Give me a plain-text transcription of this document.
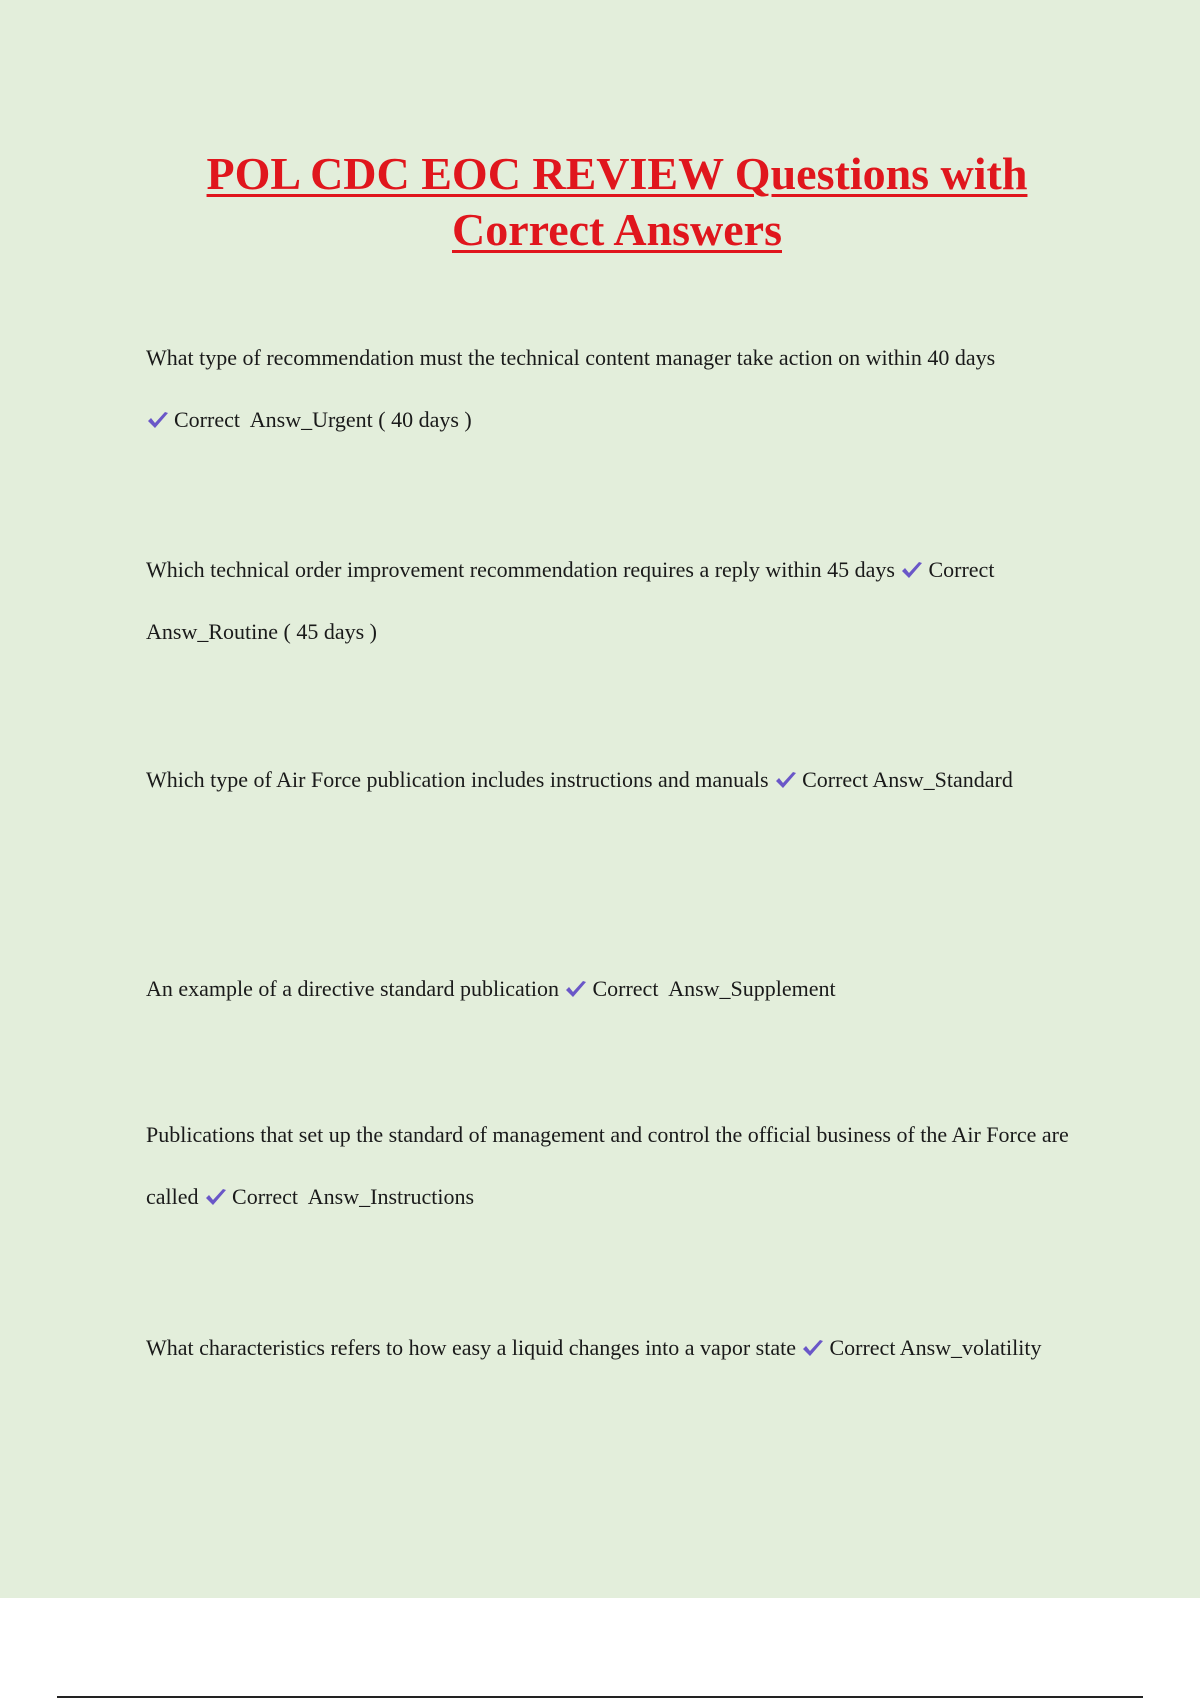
POL CDC EOC REVIEW Questions with
Correct Answers
What type of recommendation must the technical content manager take action on within 40 days

Correct  Answ_Urgent ( 40 days )
Which technical order improvement recommendation requires a reply within 45 days Correct Answ_Routine ( 45 days )
Which type of Air Force publication includes instructions and manuals Correct Answ_Standard
An example of a directive standard publication Correct  Answ_Supplement
Publications that set up the standard of management and control the official business of the Air Force are called Correct  Answ_Instructions
What characteristics refers to how easy a liquid changes into a vapor state Correct Answ_volatility
